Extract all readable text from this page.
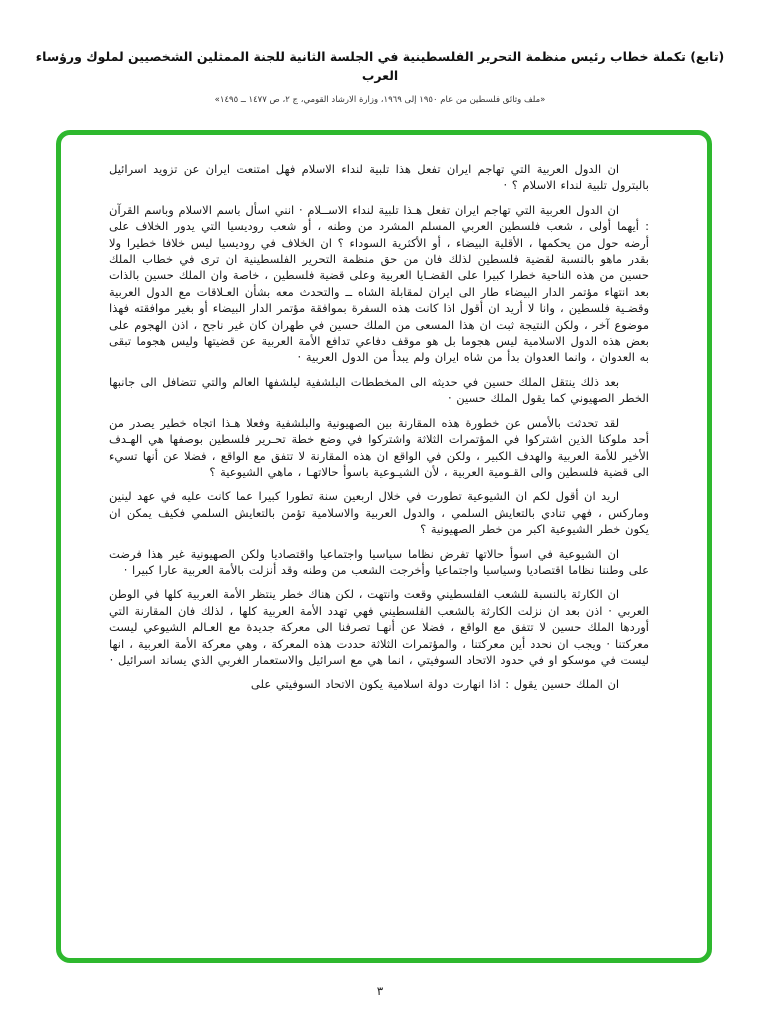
(تابع) تكملة خطاب رئيس منظمة التحرير الفلسطينية في الجلسة الثانية للجنة الممثلين الشخصيين لملوك ورؤساء العرب
«ملف وثائق فلسطين من عام ١٩٥٠ إلى ١٩٦٩، وزارة الارشاد القومي، ج ٢، ص ١٤٧٧ ــ ١٤٩٥»

ان الدول العربية التي تهاجم ايران تفعل هذا تلبية لنداء الاسلام فهل امتنعت ايران عن تزويد اسرائيل بالبترول تلبية لنداء الاسلام ؟ ·

ان الدول العربية التي تهاجم ايران تفعل هـذا تلبية لنداء الاســلام · انني اسأل باسم الاسلام وباسم القرآن : أيهما أولى ، شعب فلسطين العربي المسلم المشرد من وطنه ، أو شعب روديسيا التي يدور الخلاف على أرضه حول من يحكمها ، الأقلية البيضاء ، أو الأكثرية السوداء ؟ ان الخلاف في روديسيا ليس خلافا خطيرا ولا بقدر ماهو بالنسبة لقضية فلسطين لذلك فان من حق منظمة التحرير الفلسطينية ان ترى في خطاب الملك حسين من هذه الناحية خطرا كبيرا على القضـايا العربية وعلى قضية فلسطين ، خاصة وان الملك حسين بالذات بعد انتهاء مؤتمر الدار البيضاء طار الى ايران لمقابلة الشاه ــ والتحدث معه بشأن العـلاقات مع الدول العربية وقضـية فلسطين ، وانا لا أريد ان أقول اذا كانت هذه السفرة بموافقة مؤتمر الدار البيضاء أو بغير موافقته فهذا موضوع آخر ، ولكن النتيجة ثبت ان هذا المسعى من الملك حسين في طهران كان غير ناجح ، اذن الهجوم على بعض هذه الدول الاسلامية ليس هجوما بل هو موقف دفاعي تدافع الأمة العربية عن قضيتها وليس هجوما تبقى به العدوان ، وانما العدوان بدأ من شاه ايران ولم يبدأ من الدول العربية ·

بعد ذلك ينتقل الملك حسين في حديثه الى المخططات البلشفية ليلشفها العالم والتي تتضافل الى جانبها الخطر الصهيوني كما يقول الملك حسين ·

لقد تحدثت بالأمس عن خطورة هذه المقارنة بين الصهيونية والبلشفية وفعلا هـذا اتجاه خطير يصدر من أحد ملوكنا الذين اشتركوا في المؤتمرات الثلاثة واشتركوا في وضع خطة تحـرير فلسطين بوصفها هي الهـدف الأخير للأمة العربية والهدف الكبير ، ولكن في الواقع ان هذه المقارنة لا تتفق مع الواقع ، فضلا عن أنها تسيء الى قضية فلسطين والى القـومية العربية ، لأن الشيـوعية باسوأ حالاتهـا ، ماهي الشيوعية ؟

اريد ان أقول لكم ان الشيوعية تطورت في خلال اربعين سنة تطورا كبيرا عما كانت عليه في عهد لينين وماركس ، فهي تنادي بالتعايش السلمي ، والدول العربية والاسلامية تؤمن بالتعايش السلمي فكيف يمكن ان يكون خطر الشيوعية اكبر من خطر الصهيونية ؟

ان الشيوعية في اسوأ حالاتها تفرض نظاما سياسيا واجتماعيا واقتصاديا ولكن الصهيونية غير هذا فرضت على وطننا نظاما اقتصاديا وسياسيا واجتماعيا وأخرجت الشعب من وطنه وقد أنزلت بالأمة العربية عارا كبيرا ·

ان الكارثة بالنسبة للشعب الفلسطيني وقعت وانتهت ، لكن هناك خطر ينتظر الأمة العربية كلها في الوطن العربي · اذن بعد ان نزلت الكارثة بالشعب الفلسطيني فهي تهدد الأمة العربية كلها ، لذلك فان المقارنة التي أوردها الملك حسين لا تتفق مع الواقع ، فضلا عن أنهـا تصرفنا الى معركة جديدة مع العـالم الشيوعي ليست معركتنا · ويجب ان نحدد أين معركتنا ، والمؤتمرات الثلاثة حددت هذه المعركة ، وهي معركة الأمة العربية ، انها ليست في موسكو او في حدود الاتحاد السوفيتي ، انما هي مع اسرائيل والاستعمار الغربي الذي يساند اسرائيل ·

ان الملك حسين يقول : اذا انهارت دولة اسلامية يكون الاتحاد السوفيتي على

٣
